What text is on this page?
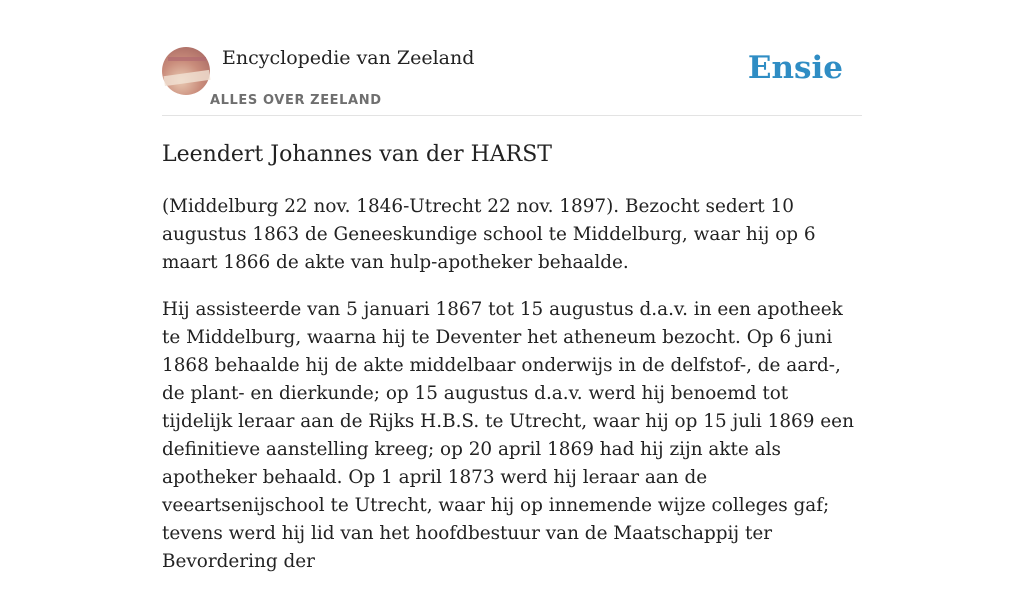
Encyclopedie van Zeeland
ALLES OVER ZEELAND
Ensie
Leendert Johannes van der HARST

(Middelburg 22 nov. 1846-Utrecht 22 nov. 1897). Bezocht sedert 10 augustus 1863 de Geneeskundige school te Middelburg, waar hij op 6 maart 1866 de akte van hulp-apotheker behaalde.

Hij assisteerde van 5 januari 1867 tot 15 augustus d.a.v. in een apotheek te Middelburg, waarna hij te Deventer het atheneum bezocht. Op 6 juni 1868 behaalde hij de akte middelbaar onderwijs in de delfstof-, de aard-, de plant- en dierkunde; op 15 augustus d.a.v. werd hij benoemd tot tijdelijk leraar aan de Rijks H.B.S. te Utrecht, waar hij op 15 juli 1869 een definitieve aanstelling kreeg; op 20 april 1869 had hij zijn akte als apotheker behaald. Op 1 april 1873 werd hij leraar aan de veeartsenijschool te Utrecht, waar hij op innemende wijze colleges gaf; tevens werd hij lid van het hoofdbestuur van de Maatschappij ter Bevordering der
